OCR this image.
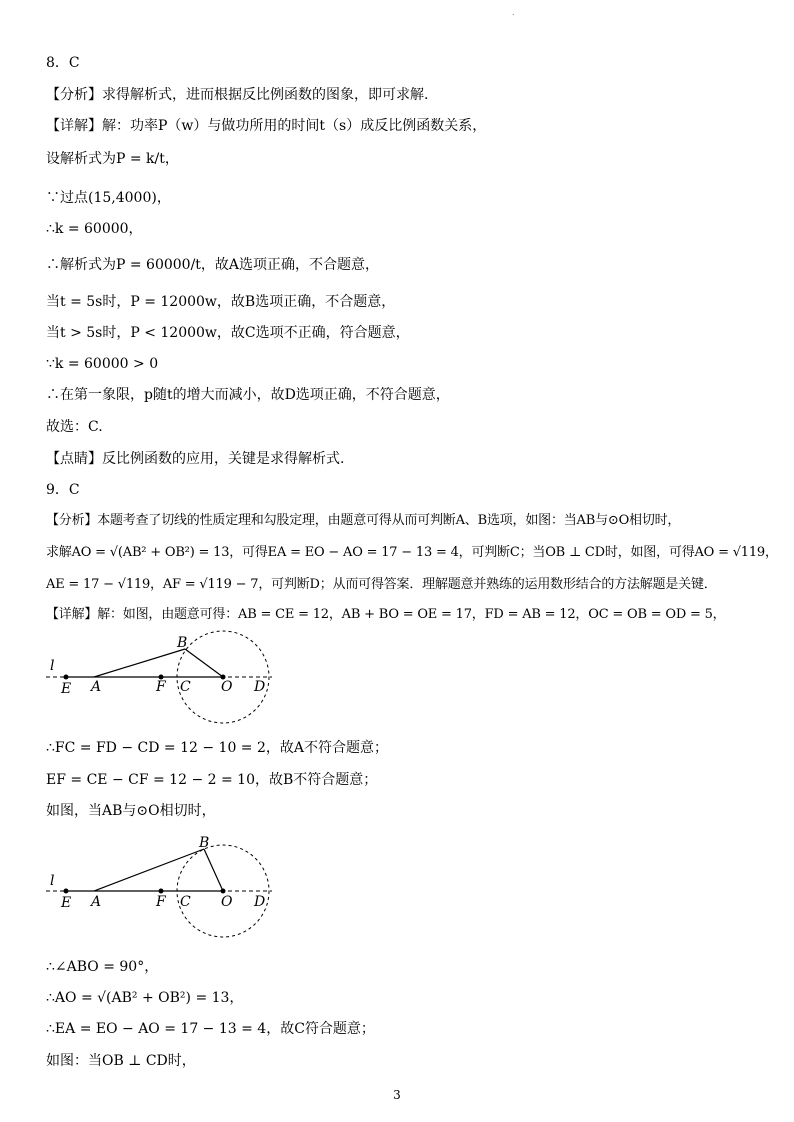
.
8．C
【分析】求得解析式，进而根据反比例函数的图象，即可求解.
【详解】解：功率P（w）与做功所用的时间t（s）成反比例函数关系，
设解析式为P = k/t，
∵过点(15,4000)，
∴k = 60000，
∴解析式为P = 60000/t，故A选项正确，不合题意，
当t = 5s时，P = 12000w，故B选项正确，不合题意，
当t > 5s时，P < 12000w，故C选项不正确，符合题意，
∵k = 60000 > 0
∴在第一象限，p随t的增大而减小，故D选项正确，不符合题意，
故选：C.
【点睛】反比例函数的应用，关键是求得解析式.
9．C
【分析】本题考查了切线的性质定理和勾股定理，由题意可得从而可判断A、B选项，如图：当AB与⊙O相切时，
求解AO = √(AB² + OB²) = 13，可得EA = EO − AO = 17 − 13 = 4，可判断C；当OB ⊥ CD时，如图，可得AO = √119，
AE = 17 − √119，AF = √119 − 7，可判断D；从而可得答案．理解题意并熟练的运用数形结合的方法解题是关键．
【详解】解：如图，由题意可得：AB = CE = 12，AB + BO = OE = 17，FD = AB = 12，OC = OB = OD = 5，
l
B
E A	F C O D
∴FC = FD − CD = 12 − 10 = 2，故A不符合题意；
EF = CE − CF = 12 − 2 = 10，故B不符合题意；
如图，当AB与⊙O相切时，
l
B
E A	F C O D
∴∠ABO = 90°，
∴AO = √(AB² + OB²) = 13，
∴EA = EO − AO = 17 − 13 = 4，故C符合题意；
如图：当OB ⊥ CD时，
3
